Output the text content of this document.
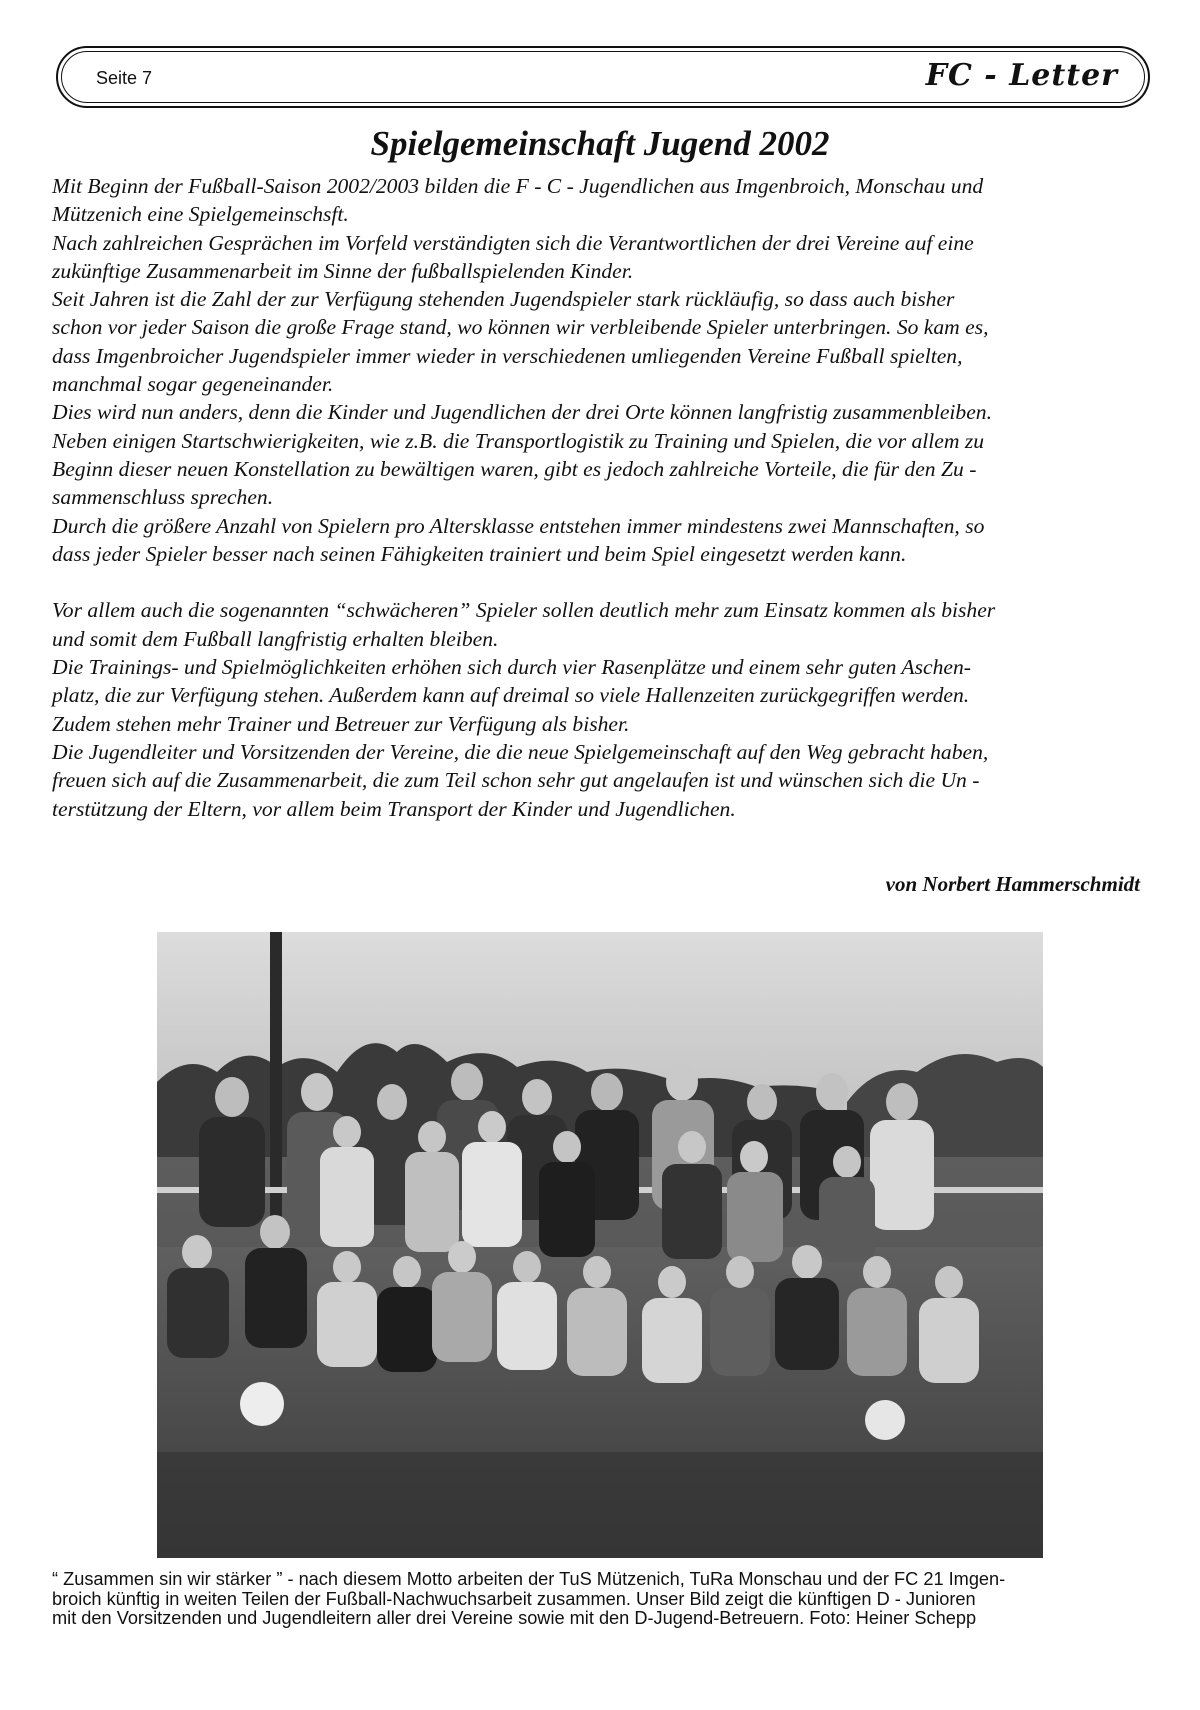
Seite 7	FC - Letter
Spielgemeinschaft Jugend 2002

Mit Beginn der Fußball-Saison 2002/2003 bilden die F - C - Jugendlichen aus Imgenbroich, Monschau und

Mützenich eine Spielgemeinschsft.

Nach zahlreichen Gesprächen im Vorfeld verständigten sich die Verantwortlichen der drei Vereine auf eine

zukünftige Zusammenarbeit im Sinne der fußballspielenden Kinder.

Seit Jahren ist die Zahl der zur Verfügung stehenden Jugendspieler stark rückläufig, so dass auch bisher

schon vor jeder Saison die große Frage stand, wo können wir verbleibende Spieler unterbringen. So kam es,

dass Imgenbroicher Jugendspieler immer wieder in verschiedenen umliegenden Vereine Fußball spielten,

manchmal sogar gegeneinander.

Dies wird nun anders, denn die Kinder und Jugendlichen der drei Orte können langfristig zusammenbleiben.

Neben einigen Startschwierigkeiten, wie z.B. die Transportlogistik zu Training und Spielen, die vor allem zu

Beginn dieser neuen Konstellation zu bewältigen waren, gibt es jedoch zahlreiche Vorteile, die für den Zu -

sammenschluss sprechen.

Durch die größere Anzahl von Spielern pro Altersklasse entstehen immer mindestens zwei Mannschaften, so

dass jeder Spieler besser nach seinen Fähigkeiten trainiert und beim Spiel eingesetzt werden kann.

Vor allem auch die sogenannten “schwächeren” Spieler sollen deutlich mehr zum Einsatz kommen als bisher

und somit dem Fußball langfristig erhalten bleiben.

Die Trainings- und Spielmöglichkeiten erhöhen sich durch vier Rasenplätze und einem sehr guten Aschen-

platz, die zur Verfügung stehen. Außerdem kann auf dreimal so viele Hallenzeiten zurückgegriffen werden.

Zudem stehen mehr Trainer und Betreuer zur Verfügung als bisher.

Die Jugendleiter und Vorsitzenden der Vereine, die die neue Spielgemeinschaft auf den Weg gebracht haben,

freuen sich auf die Zusammenarbeit, die zum Teil schon sehr gut angelaufen ist und wünschen sich die Un -

terstützung der Eltern, vor allem beim Transport der Kinder und Jugendlichen.

von Norbert Hammerschmidt

“ Zusammen sin wir stärker ” - nach diesem Motto arbeiten der TuS Mützenich, TuRa Monschau und der FC 21 Imgen-

broich künftig in weiten Teilen der Fußball-Nachwuchsarbeit zusammen. Unser Bild zeigt die künftigen D - Junioren

mit den Vorsitzenden und Jugendleitern aller drei Vereine sowie mit den D-Jugend-Betreuern. Foto: Heiner Schepp
